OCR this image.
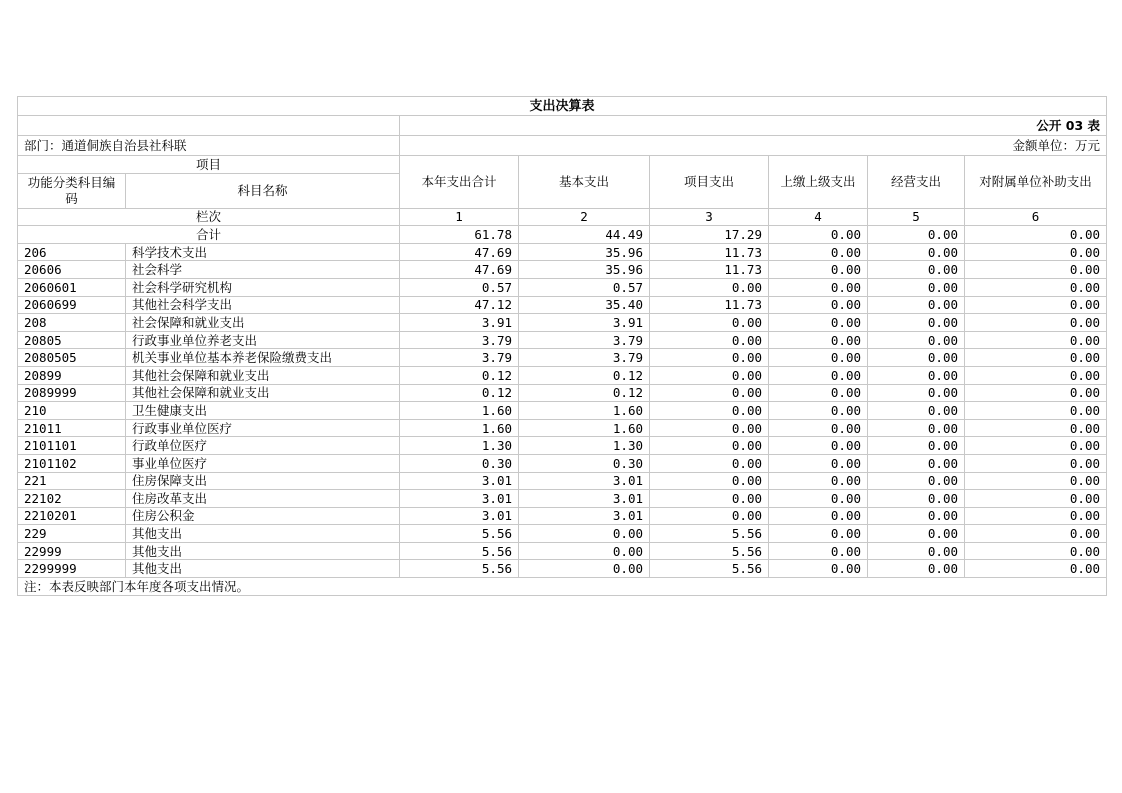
支出决算表							
		公开 03 表					
部门：通道侗族自治县社科联		金额单位：万元					
项目		本年支出合计	基本支出	项目支出	上缴上级支出	经营支出	对附属单位补助支出
功能分类科目编码	科目名称						
栏次		1	2	3	4	5	6
合计		61.78	44.49	17.29	0.00	0.00	0.00
206	科学技术支出	47.69	35.96	11.73	0.00	0.00	0.00
20606	社会科学	47.69	35.96	11.73	0.00	0.00	0.00
2060601	社会科学研究机构	0.57	0.57	0.00	0.00	0.00	0.00
2060699	其他社会科学支出	47.12	35.40	11.73	0.00	0.00	0.00
208	社会保障和就业支出	3.91	3.91	0.00	0.00	0.00	0.00
20805	行政事业单位养老支出	3.79	3.79	0.00	0.00	0.00	0.00
2080505	机关事业单位基本养老保险缴费支出	3.79	3.79	0.00	0.00	0.00	0.00
20899	其他社会保障和就业支出	0.12	0.12	0.00	0.00	0.00	0.00
2089999	其他社会保障和就业支出	0.12	0.12	0.00	0.00	0.00	0.00
210	卫生健康支出	1.60	1.60	0.00	0.00	0.00	0.00
21011	行政事业单位医疗	1.60	1.60	0.00	0.00	0.00	0.00
2101101	行政单位医疗	1.30	1.30	0.00	0.00	0.00	0.00
2101102	事业单位医疗	0.30	0.30	0.00	0.00	0.00	0.00
221	住房保障支出	3.01	3.01	0.00	0.00	0.00	0.00
22102	住房改革支出	3.01	3.01	0.00	0.00	0.00	0.00
2210201	住房公积金	3.01	3.01	0.00	0.00	0.00	0.00
229	其他支出	5.56	0.00	5.56	0.00	0.00	0.00
22999	其他支出	5.56	0.00	5.56	0.00	0.00	0.00
2299999	其他支出	5.56	0.00	5.56	0.00	0.00	0.00
注：本表反映部门本年度各项支出情况。							
